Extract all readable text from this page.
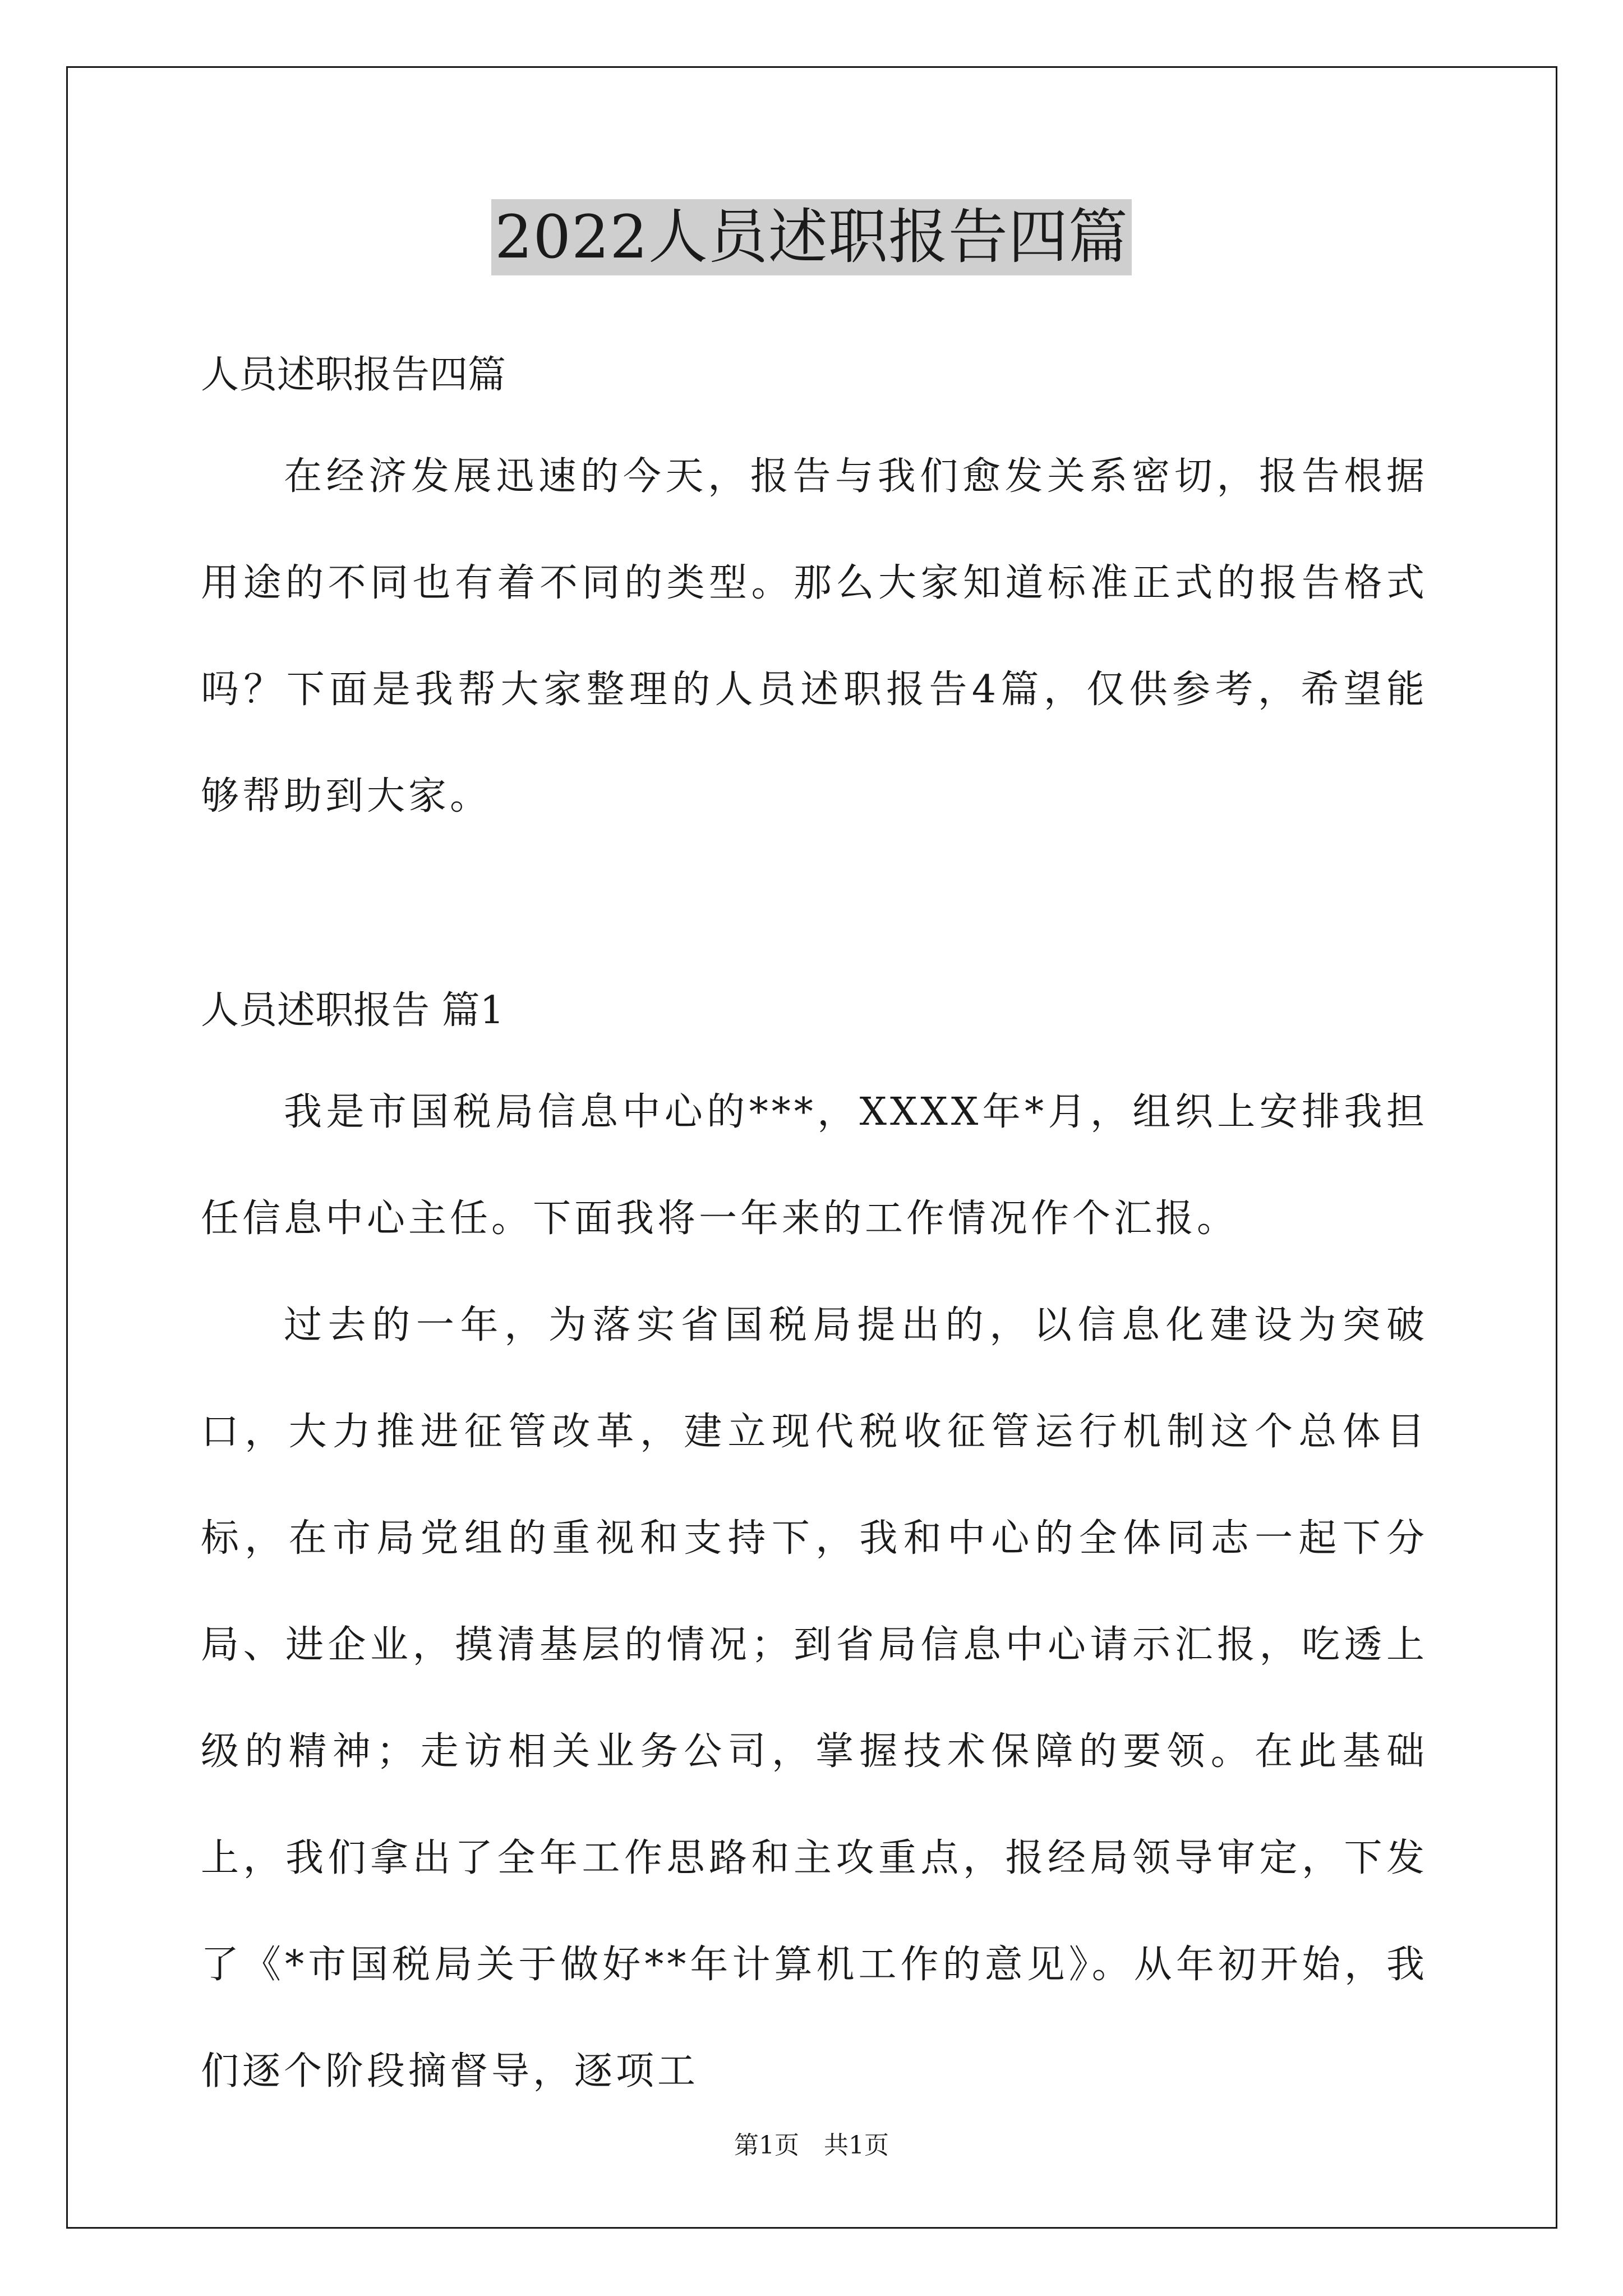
2022人员述职报告四篇
人员述职报告四篇

在经济发展迅速的今天，报告与我们愈发关系密切，报告根据用途的不同也有着不同的类型。那么大家知道标准正式的报告格式吗？下面是我帮大家整理的人员述职报告4篇，仅供参考，希望能够帮助到大家。

人员述职报告 篇1

我是市国税局信息中心的***，XXXX年*月，组织上安排我担任信息中心主任。下面我将一年来的工作情况作个汇报。

过去的一年，为落实省国税局提出的，以信息化建设为突破口，大力推进征管改革，建立现代税收征管运行机制这个总体目标，在市局党组的重视和支持下，我和中心的全体同志一起下分局、进企业，摸清基层的情况；到省局信息中心请示汇报，吃透上级的精神；走访相关业务公司，掌握技术保障的要领。在此基础上，我们拿出了全年工作思路和主攻重点，报经局领导审定，下发了《*市国税局关于做好**年计算机工作的意见》。从年初开始，我们逐个阶段摘督导，逐项工

第1页　共1页
